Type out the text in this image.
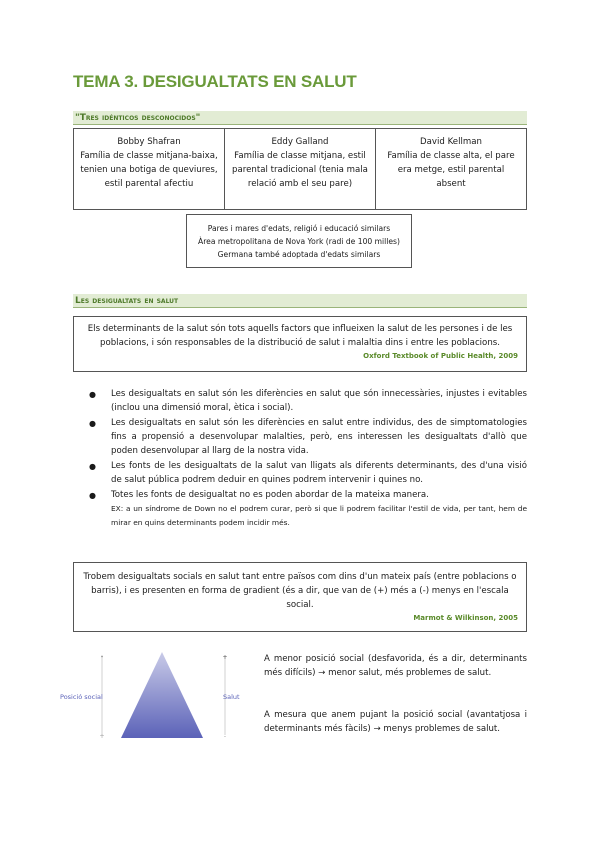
TEMA 3. DESIGUALTATS EN SALUT
"Tres idénticos desconocidos"
Bobby Shafran
Família de classe mitjana-baixa, tenien una botiga de queviures, estil parental afectiu
Eddy Galland
Família de classe mitjana, estil parental tradicional (tenia mala relació amb el seu pare)
David Kellman
Família de classe alta, el pare era metge, estil parental absent
Pares i mares d'edats, religió i educació similars
Àrea metropolitana de Nova York (radi de 100 milles)
Germana també adoptada d'edats similars
Les desigualtats en salut
Els determinants de la salut són tots aquells factors que influeixen la salut de les persones i de les poblacions, i són responsables de la distribució de salut i malaltia dins i entre les poblacions.
Oxford Textbook of Public Health, 2009
● Les desigualtats en salut són les diferències en salut que són innecessàries, injustes i evitables (inclou una dimensió moral, ètica i social).
● Les desigualtats en salut són les diferències en salut entre individus, des de simptomatologies fins a propensió a desenvolupar malalties, però, ens interessen les desigualtats d'allò que poden desenvolupar al llarg de la nostra vida.
● Les fonts de les desigualtats de la salut van lligats als diferents determinants, des d'una visió de salut pública podrem deduir en quines podrem intervenir i quines no.
● Totes les fonts de desigualtat no es poden abordar de la mateixa manera.
EX: a un síndrome de Down no el podrem curar, però si que li podrem facilitar l'estil de vida, per tant, hem de mirar en quins determinants podem incidir més.
Trobem desigualtats socials en salut tant entre països com dins d'un mateix país (entre poblacions o barris), i es presenten en forma de gradient (és a dir, que van de (+) més a (-) menys en l'escala social.
Marmot & Wilkinson, 2005
-
+
+
-
Posició social	Salut

A menor posició social (desfavorida, és a dir, determinants més difícils) → menor salut, més problemes de salut.

A mesura que anem pujant la posició social (avantatjosa i determinants més fàcils) → menys problemes de salut.
